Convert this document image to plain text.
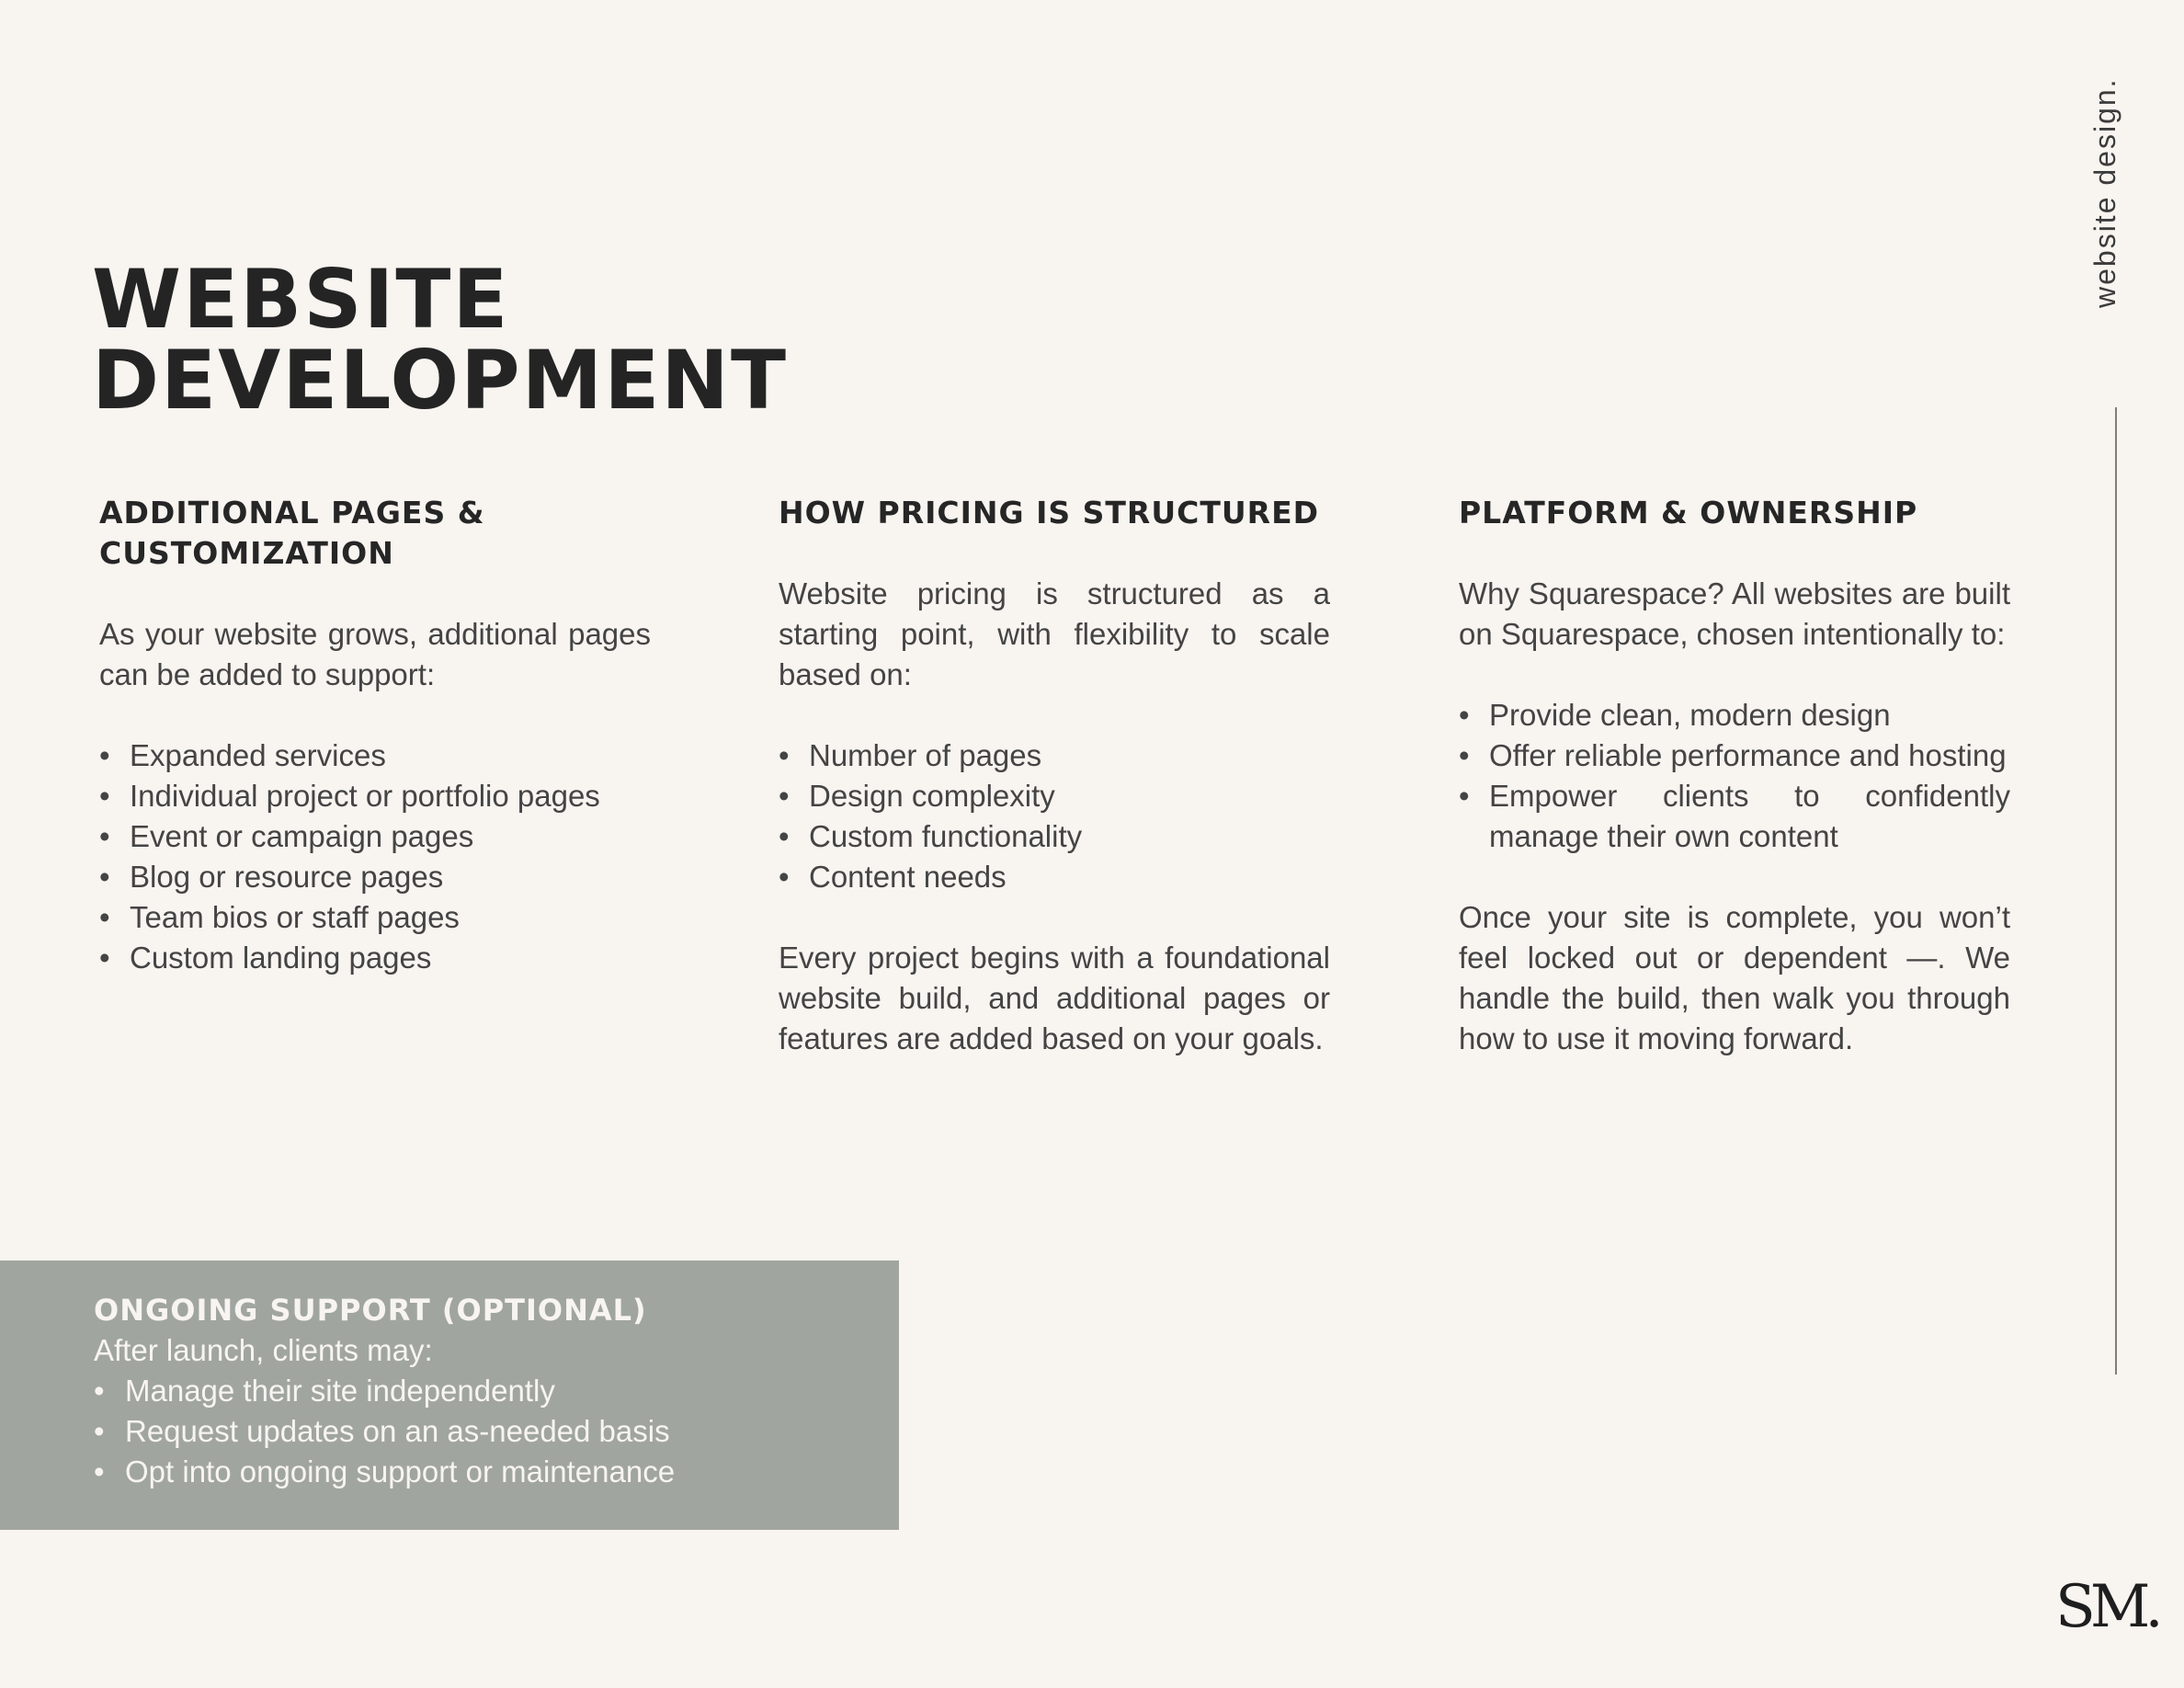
WEBSITE
DEVELOPMENT
website design.
ADDITIONAL PAGES & CUSTOMIZATION

As your website grows, additional pages can be added to support:

• Expanded services
• Individual project or portfolio pages
• Event or campaign pages
• Blog or resource pages
• Team bios or staff pages
• Custom landing pages
HOW PRICING IS STRUCTURED

Website pricing is structured as a starting point, with flexibility to scale based on:

• Number of pages
• Design complexity
• Custom functionality
• Content needs

Every project begins with a foundational website build, and additional pages or features are added based on your goals.

PLATFORM & OWNERSHIP

Why Squarespace? All websites are built on Squarespace, chosen intentionally to:

• Provide clean, modern design
• Offer reliable performance and hosting
• Empower clients to confidently manage their own content

Once your site is complete, you won’t feel locked out or dependent —. We handle the build, then walk you through how to use it moving forward.

ONGOING SUPPORT (OPTIONAL)

After launch, clients may:

• Manage their site independently
• Request updates on an as-needed basis
• Opt into ongoing support or maintenance
SM.
